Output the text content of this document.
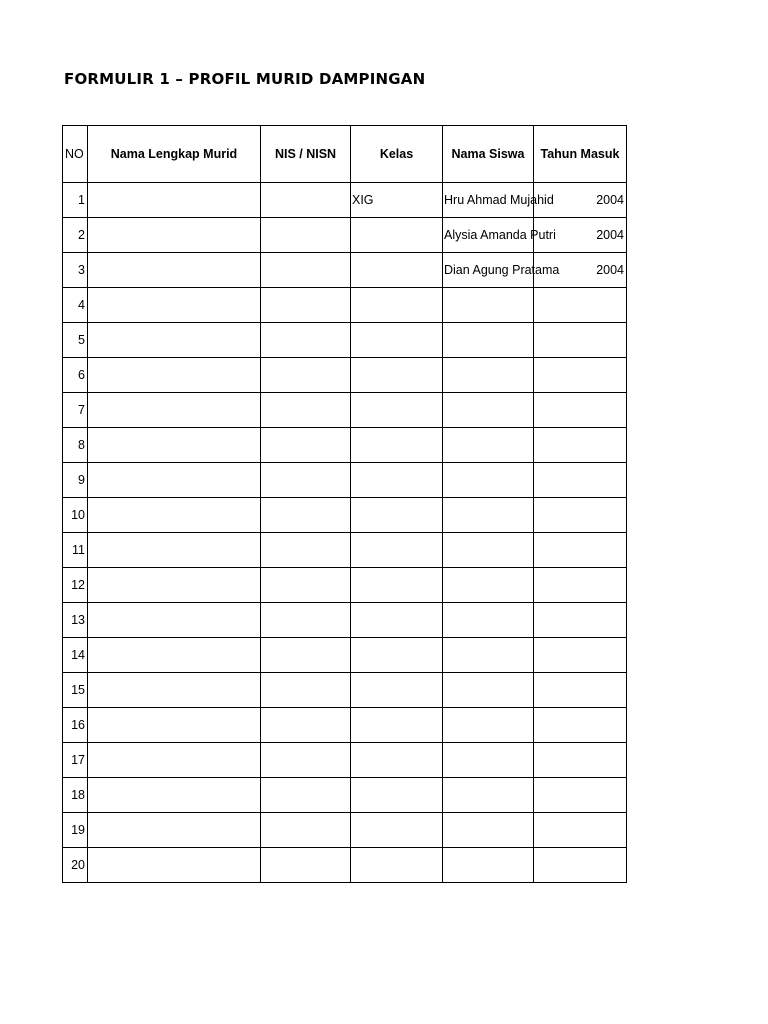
FORMULIR 1 – PROFIL MURID DAMPINGAN
NO	Nama Lengkap Murid	NIS / NISN	Kelas	Nama Siswa	Tahun Masuk
1			XIG	Hru Ahmad Mujahid	2004
2				Alysia Amanda Putri	2004
3				Dian Agung Pratama	2004
4					
5					
6					
7					
8					
9					
10					
11					
12					
13					
14					
15					
16					
17					
18					
19					
20					
